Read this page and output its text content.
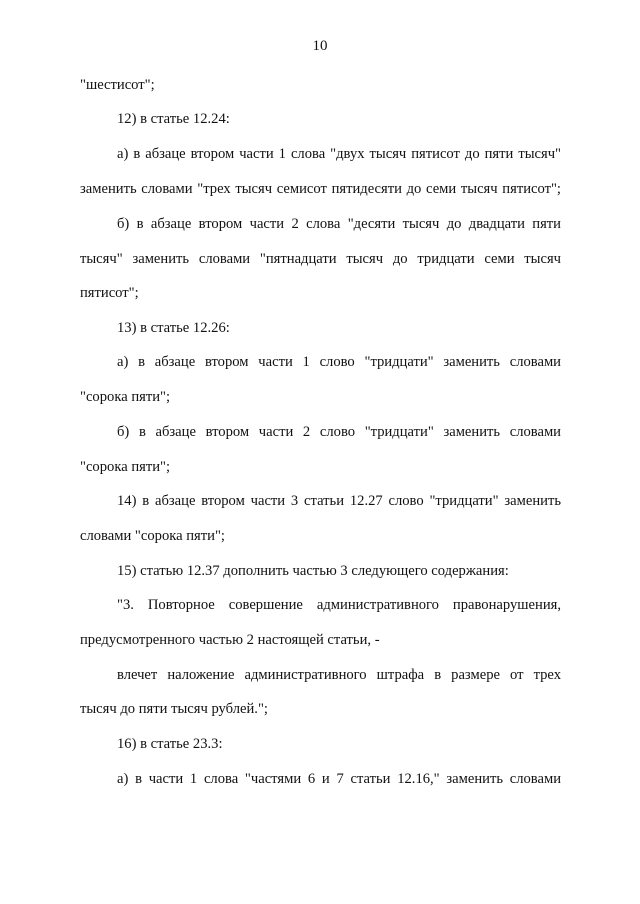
10
"шестисот";
12) в статье 12.24:
а) в абзаце втором части 1 слова "двух тысяч пятисот до пяти тысяч"
заменить словами "трех тысяч семисот пятидесяти до семи тысяч пятисот";
б) в абзаце втором части 2 слова "десяти тысяч до двадцати пяти
тысяч" заменить словами "пятнадцати тысяч до тридцати семи тысяч
пятисот";
13) в статье 12.26:
а) в абзаце втором части 1 слово "тридцати" заменить словами
"сорока пяти";
б) в абзаце втором части 2 слово "тридцати" заменить словами
"сорока пяти";
14) в абзаце втором части 3 статьи 12.27 слово "тридцати" заменить
словами "сорока пяти";
15) статью 12.37 дополнить частью 3 следующего содержания:
"3. Повторное совершение административного правонарушения,
предусмотренного частью 2 настоящей статьи, -
влечет наложение административного штрафа в размере от трех
тысяч до пяти тысяч рублей.";
16) в статье 23.3:
а) в части 1 слова "частями 6 и 7 статьи 12.16," заменить словами
